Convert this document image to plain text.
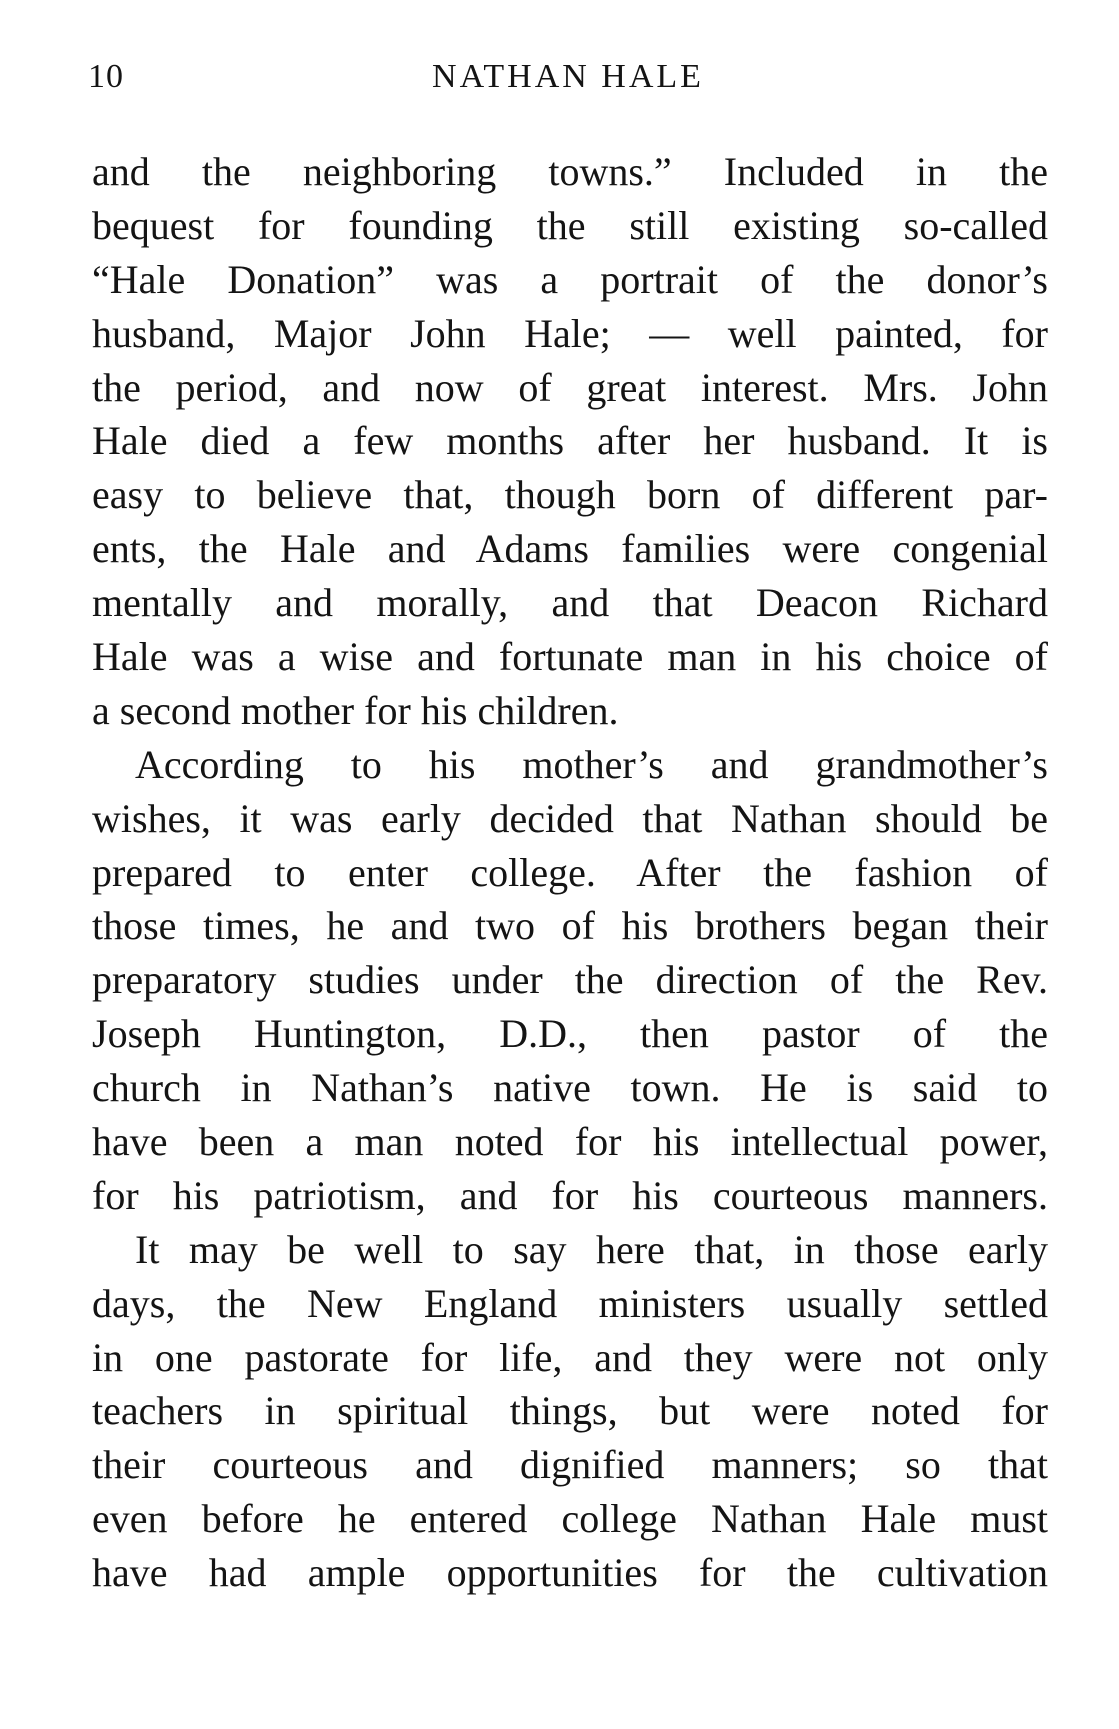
10	NATHAN HALE
and the neighboring towns.” Included in the
bequest for founding the still existing so-called
“Hale Donation” was a portrait of the donor’s
husband, Major John Hale; — well painted, for
the period, and now of great interest. Mrs. John
Hale died a few months after her husband. It is
easy to believe that, though born of different par-
ents, the Hale and Adams families were congenial
mentally and morally, and that Deacon Richard
Hale was a wise and fortunate man in his choice of
a second mother for his children.
According to his mother’s and grandmother’s
wishes, it was early decided that Nathan should be
prepared to enter college. After the fashion of
those times, he and two of his brothers began their
preparatory studies under the direction of the Rev.
Joseph Huntington, D.D., then pastor of the
church in Nathan’s native town. He is said to
have been a man noted for his intellectual power,
for his patriotism, and for his courteous manners.
It may be well to say here that, in those early
days, the New England ministers usually settled
in one pastorate for life, and they were not only
teachers in spiritual things, but were noted for
their courteous and dignified manners; so that
even before he entered college Nathan Hale must
have had ample opportunities for the cultivation
